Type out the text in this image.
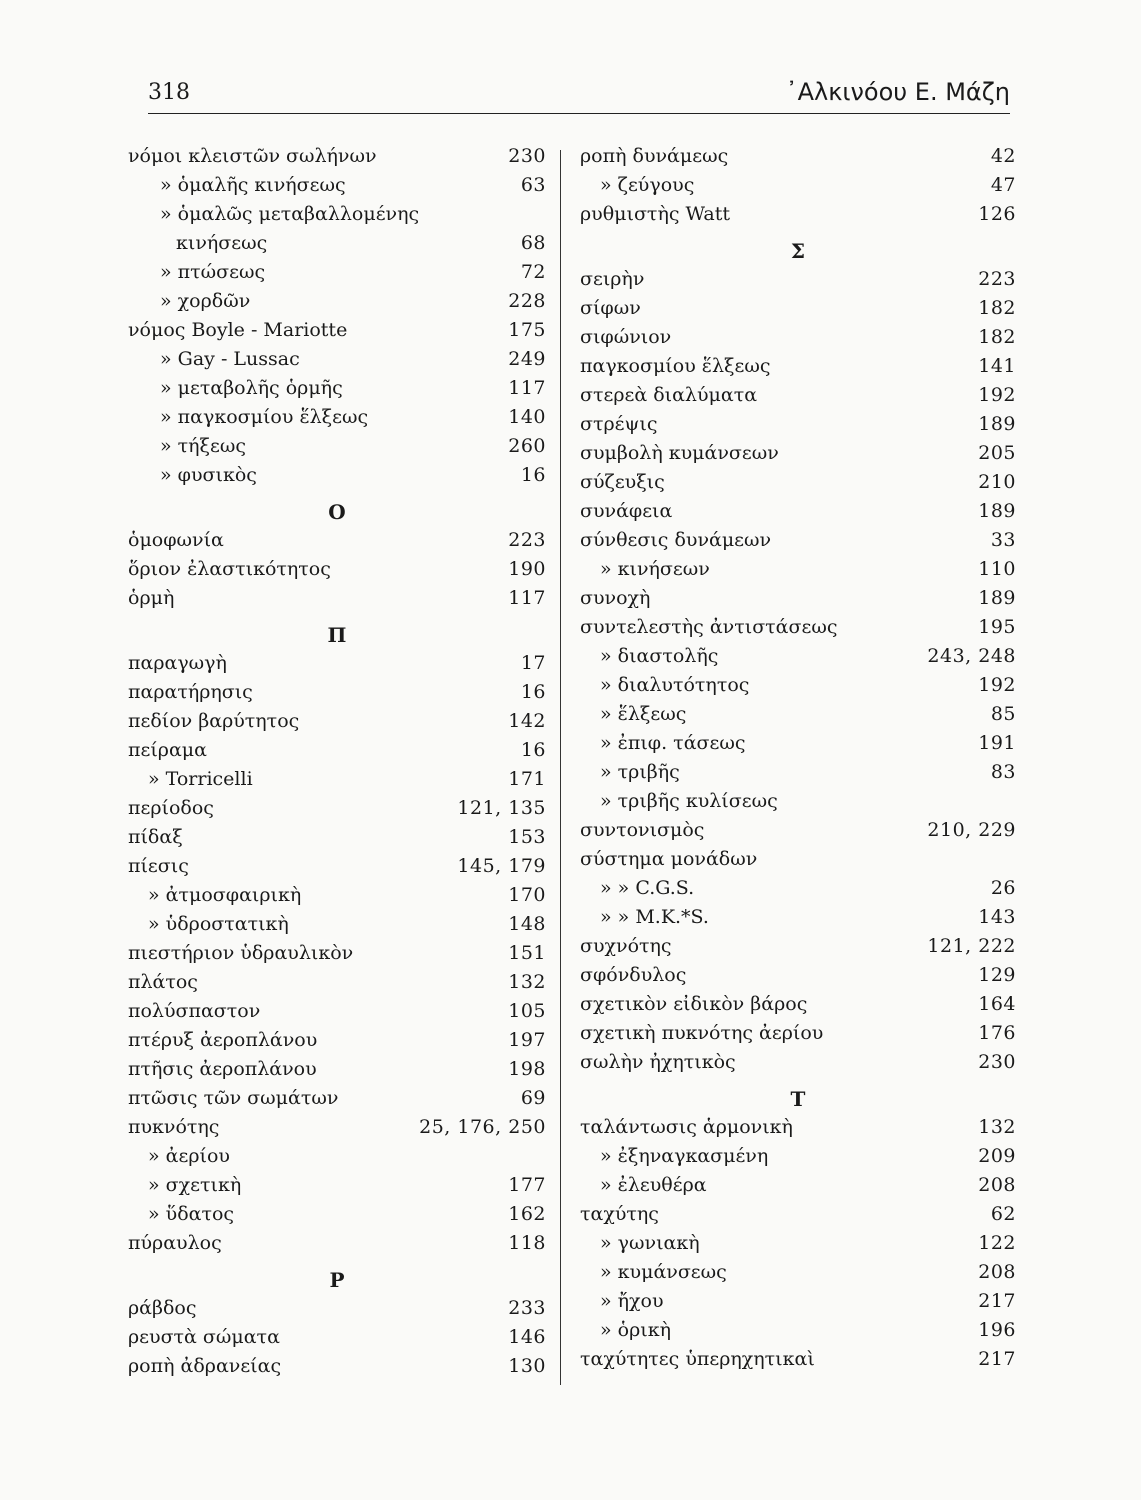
318	᾿Αλκινόου Ε. Μάζη
νόμοι κλειστῶν σωλήνων	230
» ὁμαλῆς κινήσεως	63
» ὁμαλῶς μεταβαλλομένης
κινήσεως	68
» πτώσεως	72
» χορδῶν	228
νόμος Boyle - Mariotte	175
» Gay - Lussac	249
» μεταβολῆς ὁρμῆς	117
» παγκοσμίου ἕλξεως	140
» τήξεως	260
» φυσικὸς	16
Ο
ὁμοφωνία	223
ὅριον ἐλαστικότητος	190
ὁρμὴ	117
Π
παραγωγὴ	17
παρατήρησις	16
πεδίον βαρύτητος	142
πείραμα	16
» Torricelli	171
περίοδος	121, 135
πίδαξ	153
πίεσις	145, 179
» ἀτμοσφαιρικὴ	170
» ὑδροστατικὴ	148
πιεστήριον ὑδραυλικὸν	151
πλάτος	132
πολύσπαστον	105
πτέρυξ ἀεροπλάνου	197
πτῆσις ἀεροπλάνου	198
πτῶσις τῶν σωμάτων	69
πυκνότης	25, 176, 250
» ἀερίου
» σχετικὴ	177
» ὕδατος	162
πύραυλος	118
Ρ
ράβδος	233
ρευστὰ σώματα	146
ροπὴ ἀδρανείας	130
ροπὴ δυνάμεως	42
» ζεύγους	47
ρυθμιστὴς Watt	126
Σ
σειρὴν	223
σίφων	182
σιφώνιον	182
παγκοσμίου ἕλξεως	141
στερεὰ διαλύματα	192
στρέψις	189
συμβολὴ κυμάνσεων	205
σύζευξις	210
συνάφεια	189
σύνθεσις δυνάμεων	33
» κινήσεων	110
συνοχὴ	189
συντελεστὴς ἀντιστάσεως	195
» διαστολῆς	243, 248
» διαλυτότητος	192
» ἕλξεως	85
» ἐπιφ. τάσεως	191
» τριβῆς	83
» τριβῆς κυλίσεως
συντονισμὸς	210, 229
σύστημα μονάδων
» » C.G.S.	26
» » M.K.*S.	143
συχνότης	121, 222
σφόνδυλος	129
σχετικὸν εἰδικὸν βάρος	164
σχετικὴ πυκνότης ἀερίου	176
σωλὴν ἠχητικὸς	230
Τ
ταλάντωσις ἁρμονικὴ	132
» ἐξηναγκασμένη	209
» ἐλευθέρα	208
ταχύτης	62
» γωνιακὴ	122
» κυμάνσεως	208
» ἤχου	217
» ὁρικὴ	196
ταχύτητες ὑπερηχητικαὶ	217
